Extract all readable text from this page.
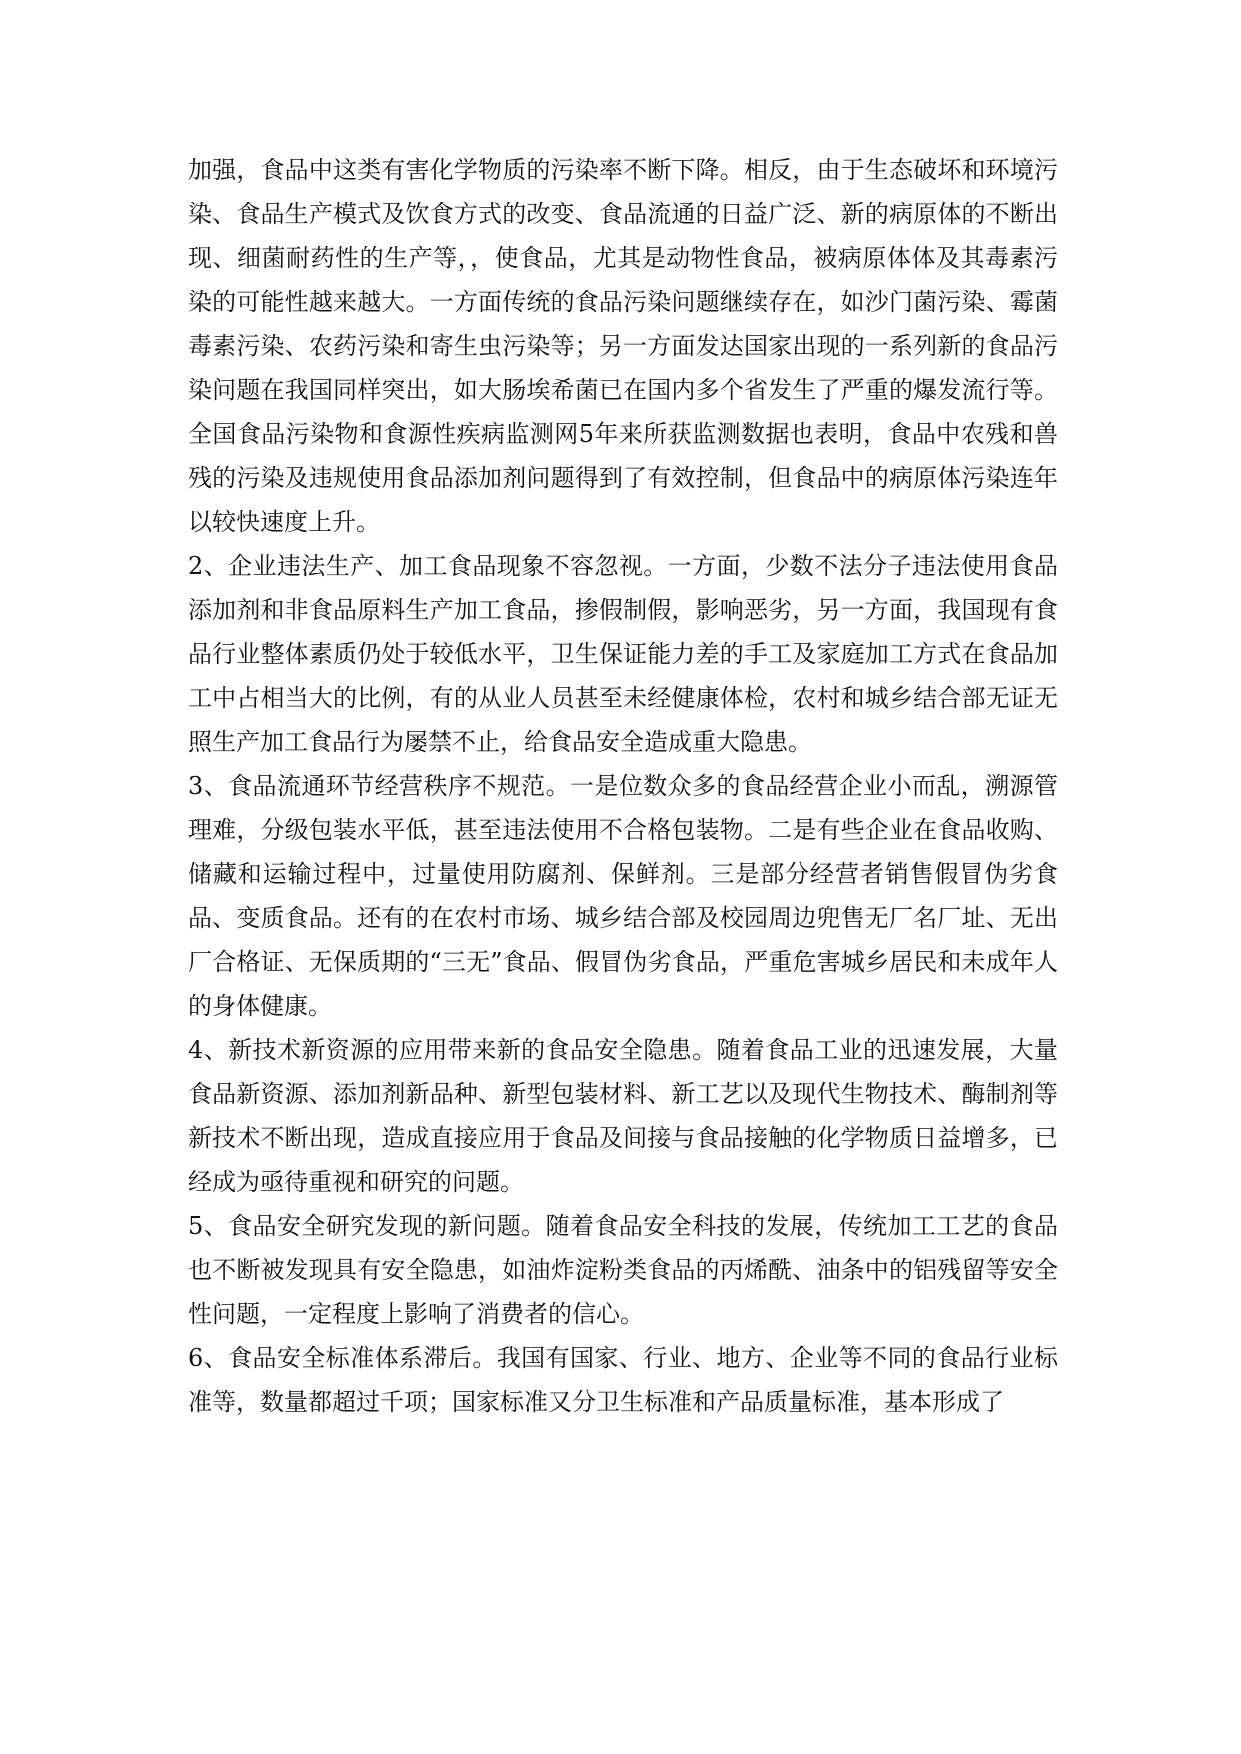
加强，食品中这类有害化学物质的污染率不断下降。相反，由于生态破坏和环境污染、食品生产模式及饮食方式的改变、食品流通的日益广泛、新的病原体的不断出现、细菌耐药性的生产等，，使食品，尤其是动物性食品，被病原体体及其毒素污染的可能性越来越大。一方面传统的食品污染问题继续存在，如沙门菌污染、霉菌毒素污染、农药污染和寄生虫污染等；另一方面发达国家出现的一系列新的食品污染问题在我国同样突出，如大肠埃希菌已在国内多个省发生了严重的爆发流行等。全国食品污染物和食源性疾病监测网5年来所获监测数据也表明，食品中农残和兽残的污染及违规使用食品添加剂问题得到了有效控制，但食品中的病原体污染连年以较快速度上升。

2、企业违法生产、加工食品现象不容忽视。一方面，少数不法分子违法使用食品添加剂和非食品原料生产加工食品，掺假制假，影响恶劣，另一方面，我国现有食品行业整体素质仍处于较低水平，卫生保证能力差的手工及家庭加工方式在食品加工中占相当大的比例，有的从业人员甚至未经健康体检，农村和城乡结合部无证无照生产加工食品行为屡禁不止，给食品安全造成重大隐患。

3、食品流通环节经营秩序不规范。一是位数众多的食品经营企业小而乱，溯源管理难，分级包装水平低，甚至违法使用不合格包装物。二是有些企业在食品收购、储藏和运输过程中，过量使用防腐剂、保鲜剂。三是部分经营者销售假冒伪劣食品、变质食品。还有的在农村市场、城乡结合部及校园周边兜售无厂名厂址、无出厂合格证、无保质期的“三无”食品、假冒伪劣食品，严重危害城乡居民和未成年人的身体健康。

4、新技术新资源的应用带来新的食品安全隐患。随着食品工业的迅速发展，大量食品新资源、添加剂新品种、新型包装材料、新工艺以及现代生物技术、酶制剂等新技术不断出现，造成直接应用于食品及间接与食品接触的化学物质日益增多，已经成为亟待重视和研究的问题。

5、食品安全研究发现的新问题。随着食品安全科技的发展，传统加工工艺的食品也不断被发现具有安全隐患，如油炸淀粉类食品的丙烯酰、油条中的铝残留等安全性问题，一定程度上影响了消费者的信心。

6、食品安全标准体系滞后。我国有国家、行业、地方、企业等不同的食品行业标准等，数量都超过千项；国家标准又分卫生标准和产品质量标准，基本形成了
